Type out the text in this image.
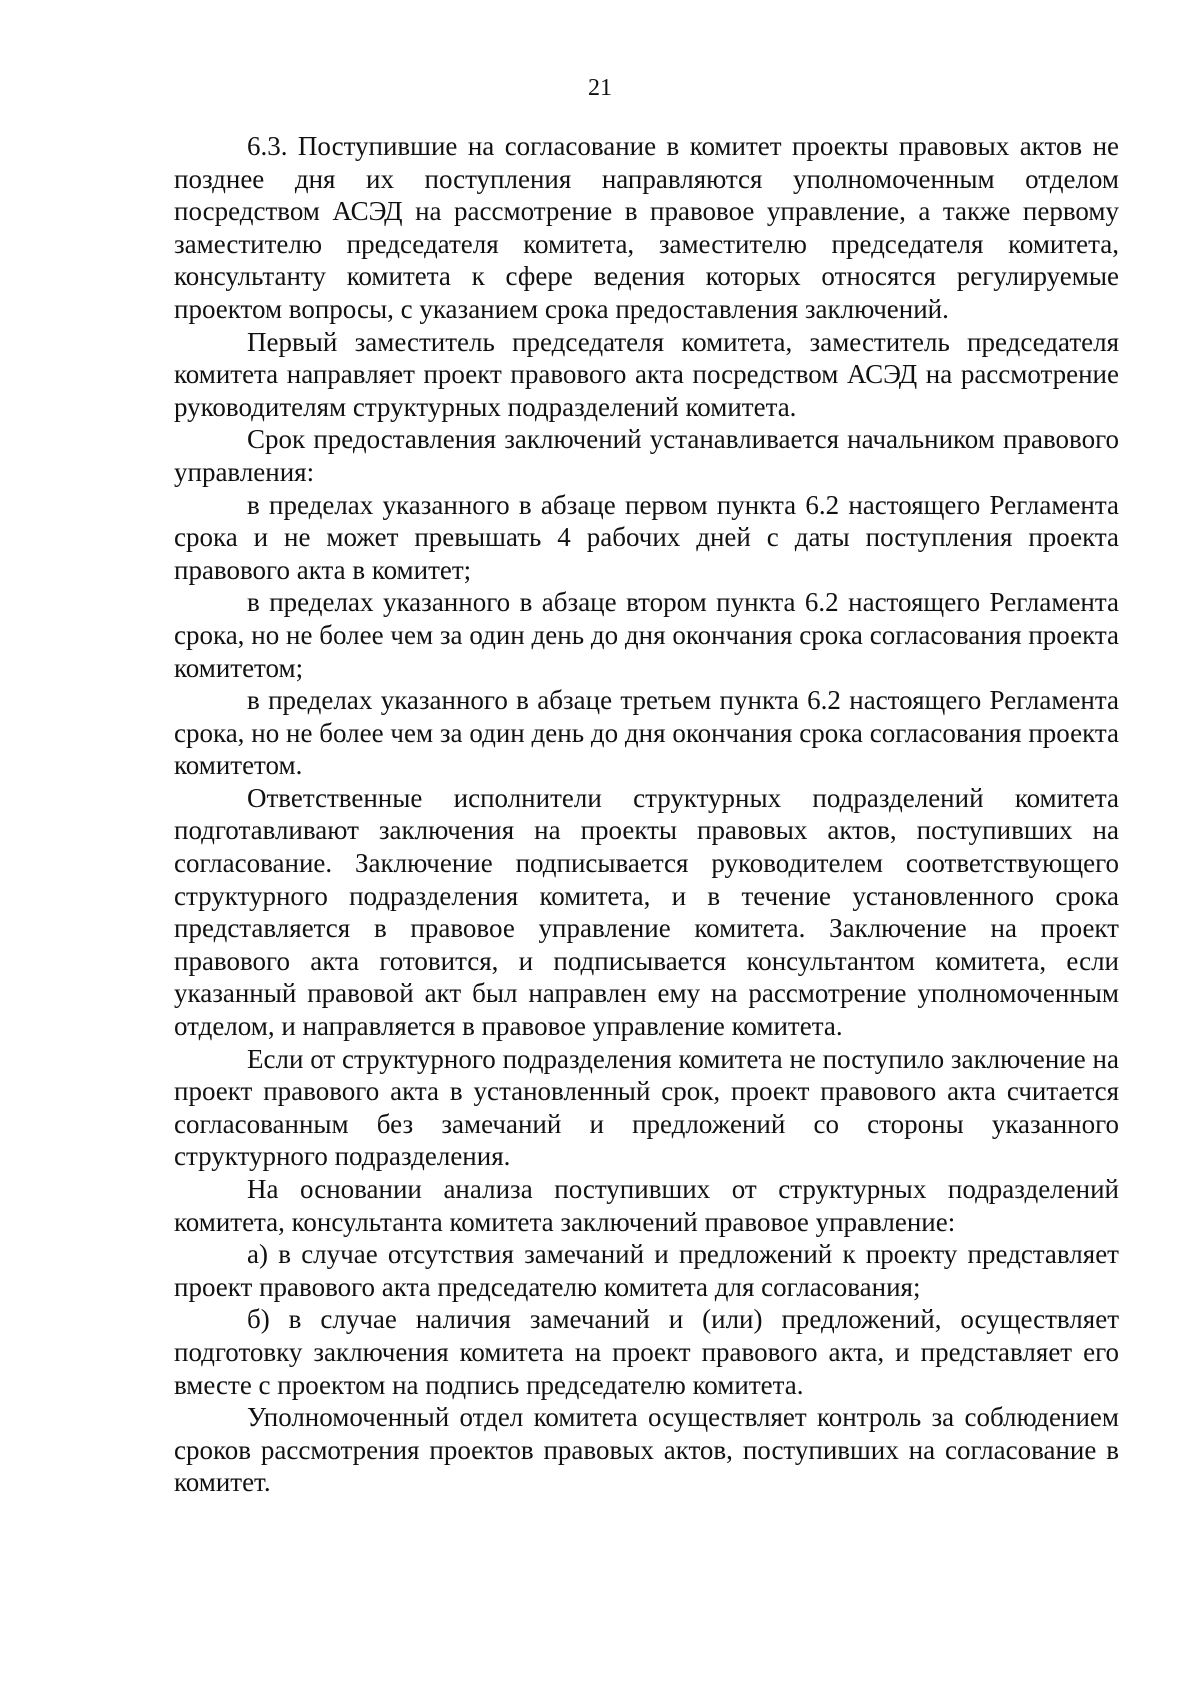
21

6.3. Поступившие на согласование в комитет проекты правовых актов не позднее дня их поступления направляются уполномоченным отделом посредством АСЭД на рассмотрение в правовое управление, а также первому заместителю председателя комитета, заместителю председателя комитета, консультанту комитета к сфере ведения которых относятся регулируемые проектом вопросы, с указанием срока предоставления заключений.

Первый заместитель председателя комитета, заместитель председателя комитета направляет проект правового акта посредством АСЭД на рассмотрение руководителям структурных подразделений комитета.

Срок предоставления заключений устанавливается начальником правового управления:

в пределах указанного в абзаце первом пункта 6.2 настоящего Регламента срока и не может превышать 4 рабочих дней с даты поступления проекта правового акта в комитет;

в пределах указанного в абзаце втором пункта 6.2 настоящего Регламента срока, но не более чем за один день до дня окончания срока согласования проекта комитетом;

в пределах указанного в абзаце третьем пункта 6.2 настоящего Регламента срока, но не более чем за один день до дня окончания срока согласования проекта комитетом.

Ответственные исполнители структурных подразделений комитета подготавливают заключения на проекты правовых актов, поступивших на согласование. Заключение подписывается руководителем соответствующего структурного подразделения комитета, и в течение установленного срока представляется в правовое управление комитета. Заключение на проект правового акта готовится, и подписывается консультантом комитета, если указанный правовой акт был направлен ему на рассмотрение уполномоченным отделом, и направляется в правовое управление комитета.

Если от структурного подразделения комитета не поступило заключение на проект правового акта в установленный срок, проект правового акта считается согласованным без замечаний и предложений со стороны указанного структурного подразделения.

На основании анализа поступивших от структурных подразделений комитета, консультанта комитета заключений правовое управление:

а) в случае отсутствия замечаний и предложений к проекту представляет проект правового акта председателю комитета для согласования;

б) в случае наличия замечаний и (или) предложений, осуществляет подготовку заключения комитета на проект правового акта, и представляет его вместе с проектом на подпись председателю комитета.

Уполномоченный отдел комитета осуществляет контроль за соблюдением сроков рассмотрения проектов правовых актов, поступивших на согласование в комитет.
